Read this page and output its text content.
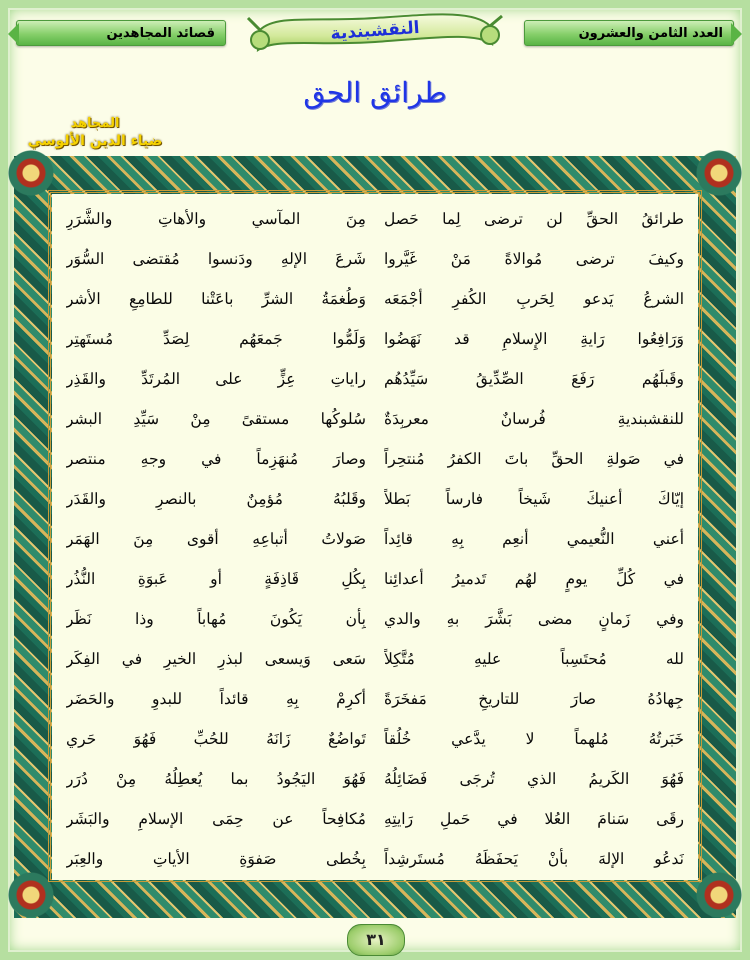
العدد الثامن والعشرون
قصائد المجاهدين	النقشبندية
طرائق الحق
المجاهد
ضياء الدين الألوسي
طرائقُ الحقِّ لن ترضى لِما حَصل
مِنَ المآسي والأهاتِ والشَّرَرِ
وكيفَ ترضى مُوالاةً مَنْ غَيَّروا
شَرعَ الإلهِ ودَنسوا مُقتضى السُّوَر
الشرعُ يَدعو لِحَربِ الكُفرِ أجْمَعَه
وَطُغمَةُ الشرِّ باعَتْنا للطامِعِ الأشر
وَرَافِعُوا رَايةِ الإِسلامِ قد نَهَضُوا
وَلَمُّوا جَمعَهُم لِصَدِّ مُستَهتِر
وقَبلَهُم رَفَعَ الصِّدِّيقُ سَيِّدُهُم
راياتِ عِزٍّ على المُرتَدِّ والقَذِر
للنقشبنديةِ فُرسانٌ معربِدَةٌ
سُلوكُها مستقىً مِنْ سَيِّدِ البشر
في صَولةِ الحقِّ باتَ الكفرُ مُنتحِراً
وصارَ مُنهَزِماً في وجهِ منتصر
إيّاكَ أعنيكَ شَيخاً فارساً بَطلاً
وقَلبُهُ مُؤمِنٌ بالنصرِ والقَدَر
أعني النُّعيمي أنعِم بِهِ قائِداً
صَولاتُ أتباعِهِ أقوى مِنَ الهَمَر
في كُلِّ يومٍ لهُم تَدميرُ أعدائِنا
بِكُلِ قَاذِفَةٍ أو عَبوَةِ النُّذُر
وفي زَمانٍ مضى بَشَّرَ بهِ والدي
بِأن يَكُونَ مُهاباً وذا نَظَر
لله مُحتَسِباً عليهِ مُتَّكِلاً
سَعى وَيسعى لبذرِ الخيرِ في الفِكَر
جِهادُهُ صارَ للتاريخِ مَفخَرَةً
أكرِمْ بِهِ قائداً للبدوِ والحَضَر
خَبَرتُهُ مُلهماً لا يدَّعي خُلُقاً
تَواضُعٌ زَانَهُ للحُبِّ فَهُوَ حَري
فَهُوَ الكَريمُ الذي تُرجَى فَضَائِلُهُ
فَهُوَ اليَجُودُ بما يُعطِلُهُ مِنْ دُرَر
رقَى سَنامَ العُلا في حَملِ رَايتِهِ
مُكافِحاً عن حِمَى الإسلامِ والبَشَر
نَدعُو الإلهَ بأنْ يَحفَظَهُ مُستَرشِداً
بِخُطى صَفوَةِ الأياتِ والعِبَر
٣١
